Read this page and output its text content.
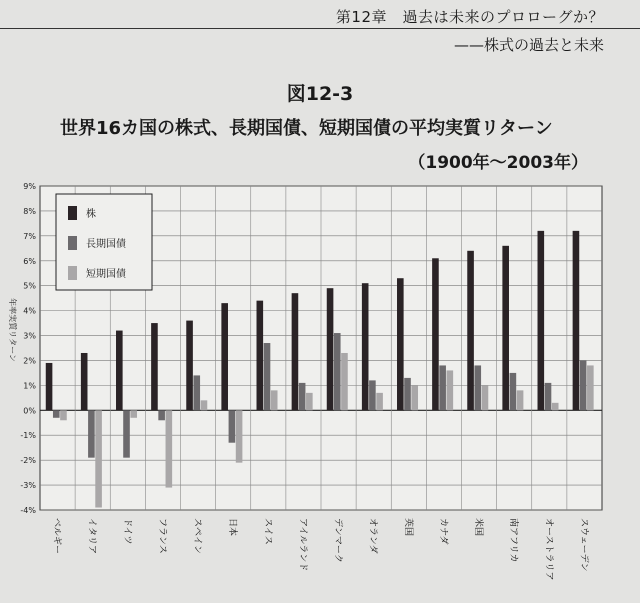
第12章　過去は未来のプロローグか？
——株式の過去と未来
図12-3
世界16カ国の株式、長期国債、短期国債の平均実質リターン
（1900年～2003年）
-4%
-3%
-2%
-1%
0%
1%
2%
3%
4%
5%
6%
7%
8%
9%
年率実質リターン
ベルギー	イタリア	ドイツ	フランス	スペイン	日本	スイス	アイルランド	デンマーク	オランダ	英国	カナダ	米国	南アフリカ	オーストラリア	スウェーデン
株
長期国債
短期国債
